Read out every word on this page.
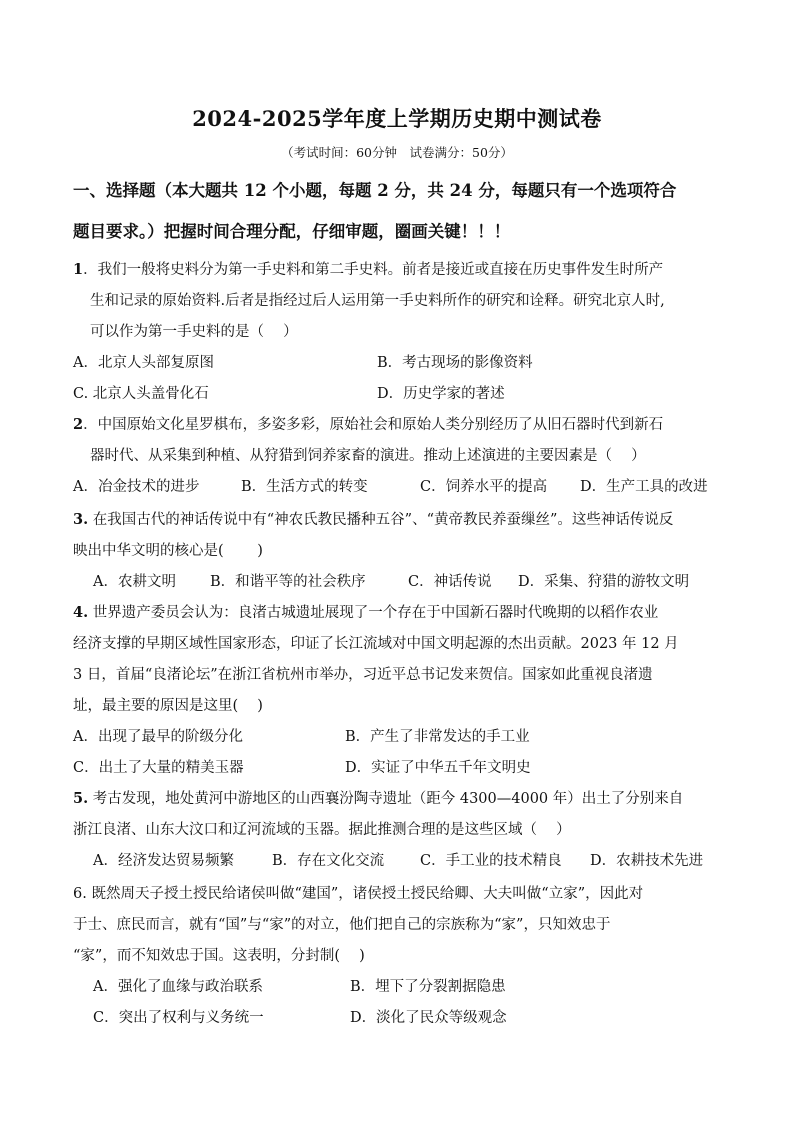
2024-2025学年度上学期历史期中测试卷
（考试时间：60分钟　试卷满分：50分）
一、选择题（本大题共 12 个小题，每题 2 分，共 24 分，每题只有一个选项符合
题目要求。）把握时间合理分配，仔细审题，圈画关键！！！
1．我们一般将史料分为第一手史料和第二手史料。前者是接近或直接在历史事件发生时所产
生和记录的原始资料.后者是指经过后人运用第一手史料所作的研究和诠释。研究北京人时,
可以作为第一手史料的是（　 ）
A．北京人头部复原图	B．考古现场的影像资料
C. 北京人头盖骨化石	D．历史学家的著述
2．中国原始文化星罗棋布，多姿多彩，原始社会和原始人类分别经历了从旧石器时代到新石
器时代、从采集到种植、从狩猎到饲养家畜的演进。推动上述演进的主要因素是（　 ）
A．冶金技术的进步	B．生活方式的转变	C．饲养水平的提高 D．生产工具的改进
3. 在我国古代的神话传说中有“神农氏教民播种五谷”、“黄帝教民养蚕缫丝”。这些神话传说反
映出中华文明的核心是(　　 )
A．农耕文明 B．和谐平等的社会秩序	C．神话传说 D．采集、狩猎的游牧文明
4. 世界遗产委员会认为：良渚古城遗址展现了一个存在于中国新石器时代晚期的以稻作农业
经济支撑的早期区域性国家形态，印证了长江流域对中国文明起源的杰出贡献。2023 年 12 月
3 日，首届“良渚论坛”在浙江省杭州市举办，习近平总书记发来贺信。国家如此重视良渚遗
址，最主要的原因是这里(　 )
A．出现了最早的阶级分化	B．产生了非常发达的手工业
C．出土了大量的精美玉器	D．实证了中华五千年文明史
5. 考古发现，地处黄河中游地区的山西襄汾陶寺遗址（距今 4300—4000 年）出土了分别来自
浙江良渚、山东大汶口和辽河流域的玉器。据此推测合理的是这些区域（　 ）
A．经济发达贸易频繁	B．存在文化交流 C．手工业的技术精良 D．农耕技术先进
6. 既然周天子授土授民给诸侯叫做“建国”，诸侯授土授民给卿、大夫叫做“立家”，因此对
于士、庶民而言，就有“国”与“家”的对立，他们把自己的宗族称为“家”，只知效忠于
“家”，而不知效忠于国。这表明，分封制(　 )
A．强化了血缘与政治联系	B．埋下了分裂割据隐患
C．突出了权利与义务统一	D．淡化了民众等级观念
